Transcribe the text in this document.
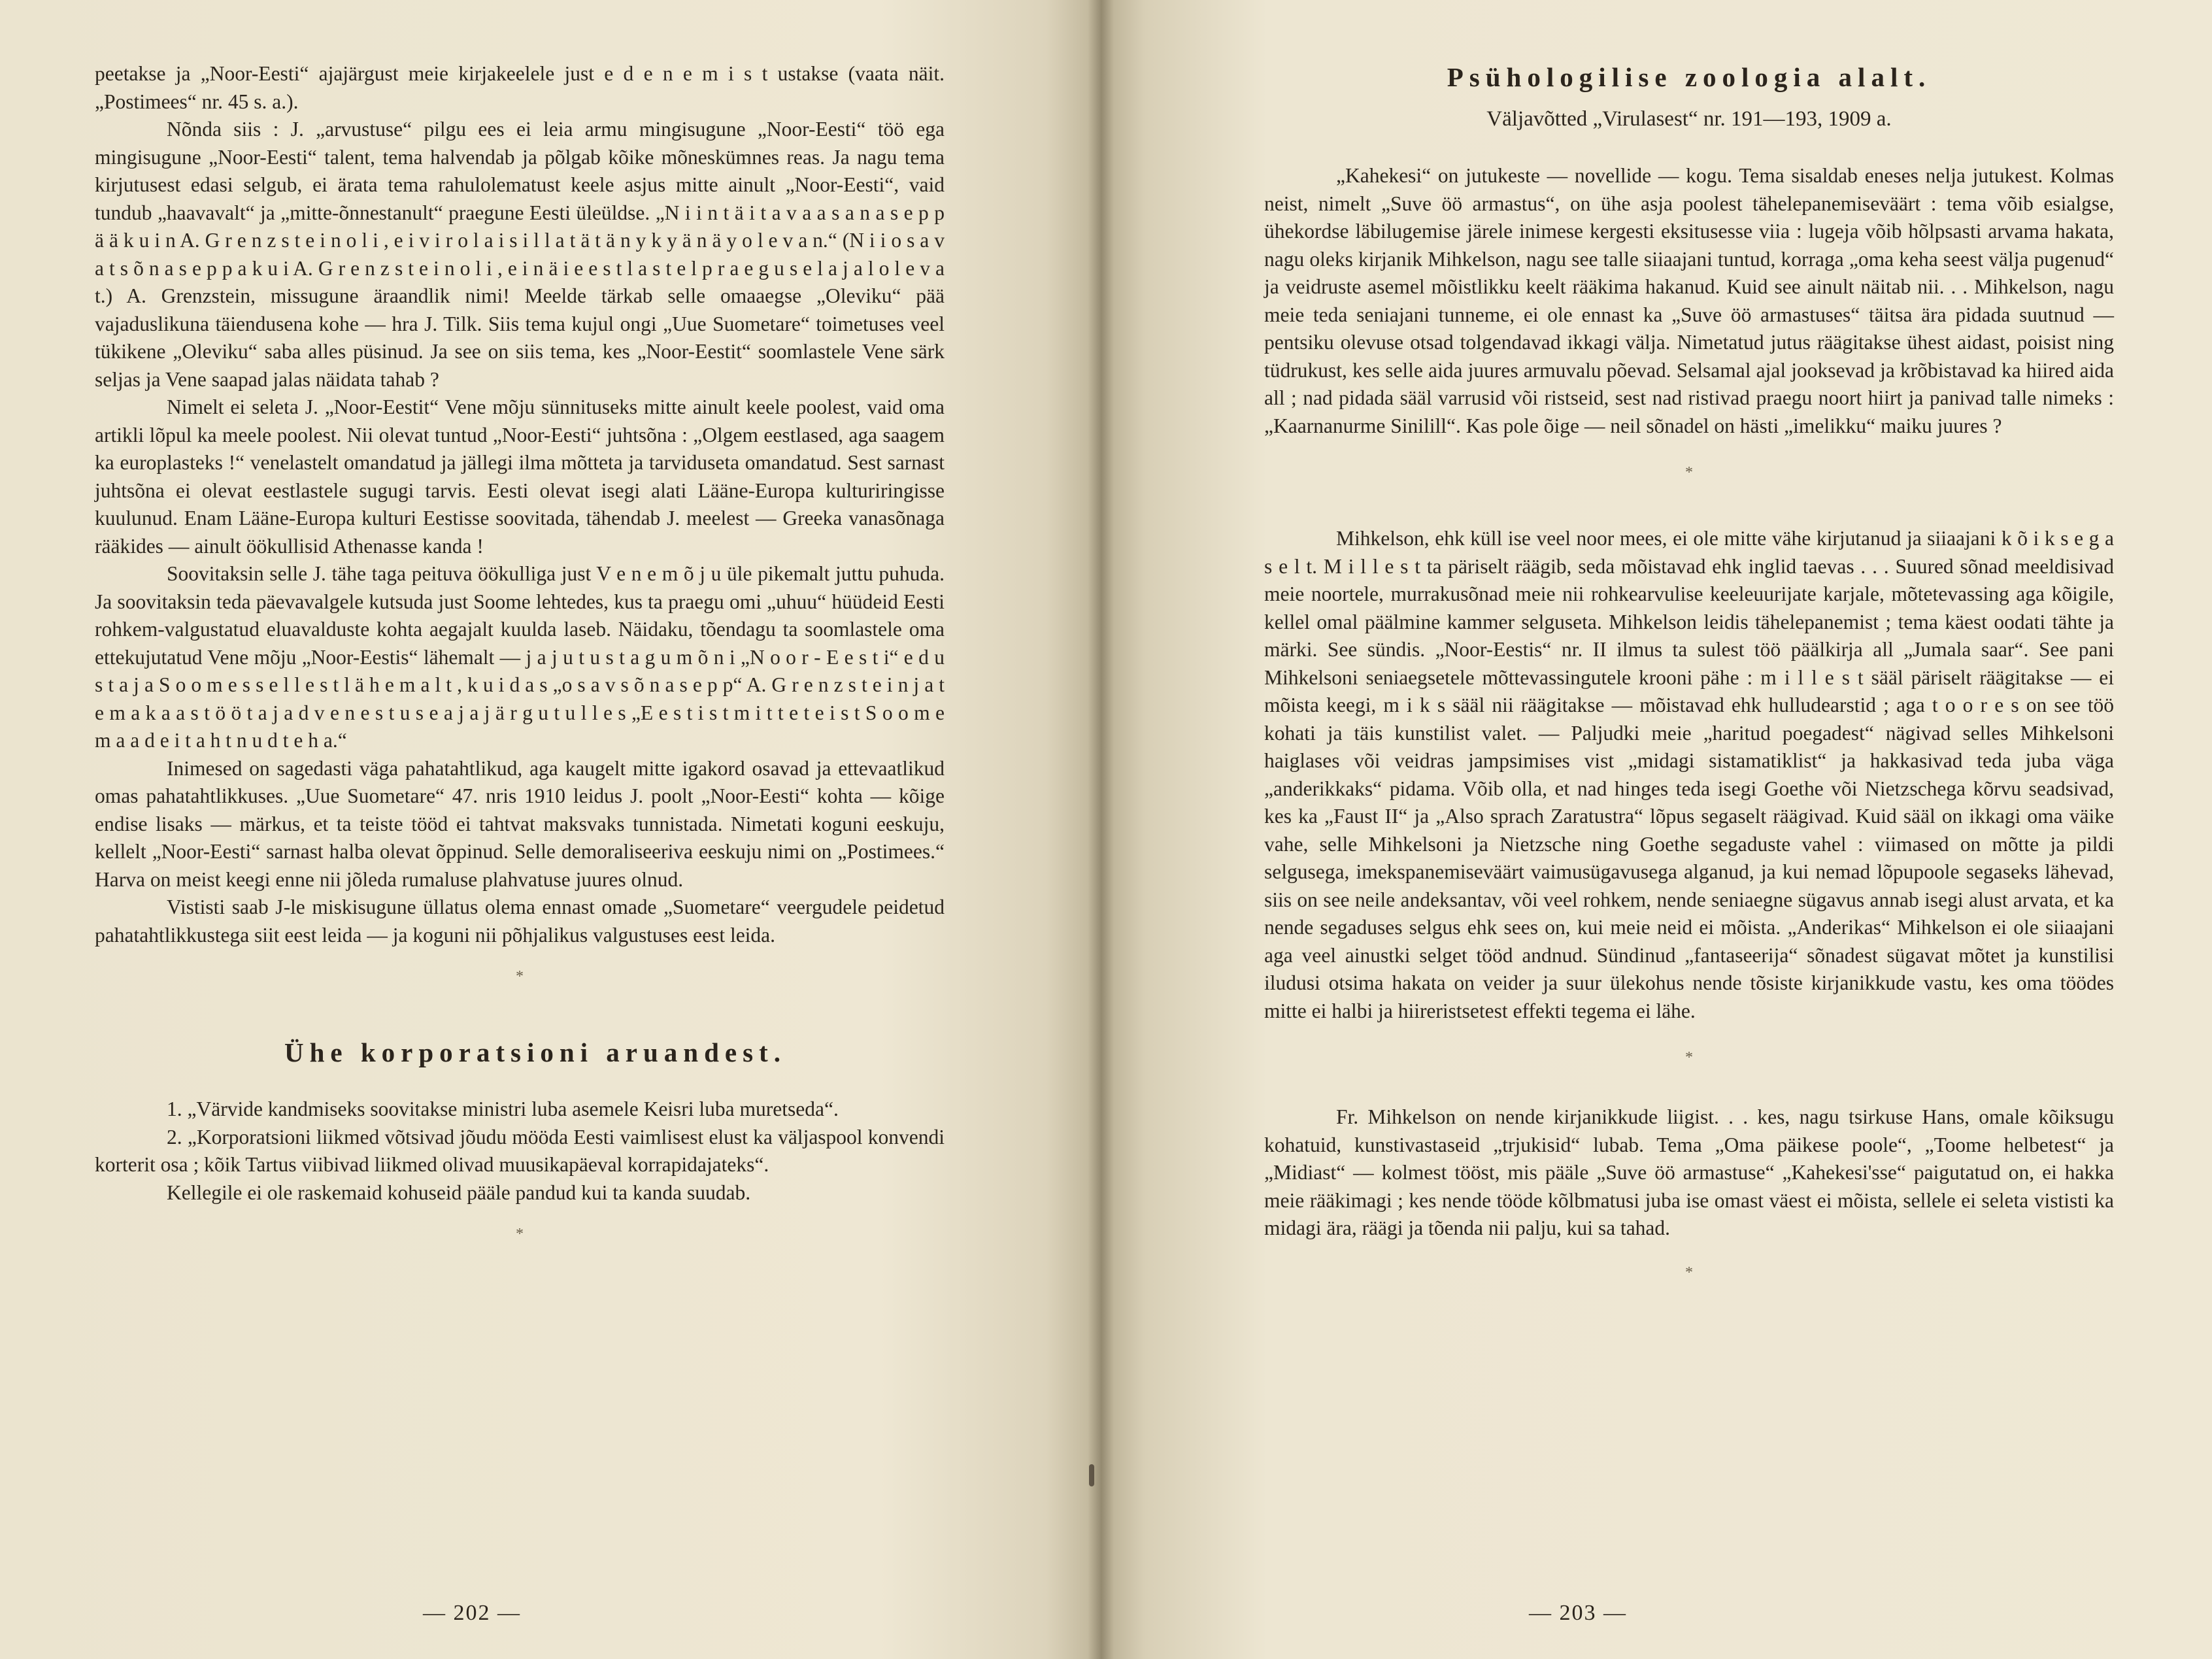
peetakse ja „Noor-Eesti“ ajajärgust meie kirjakeelele just e d e n e m i s t ustakse (vaata näit. „Postimees“ nr. 45 s. a.).

Nõnda siis : J. „arvustuse“ pilgu ees ei leia armu mingisugune „Noor-Eesti“ töö ega mingisugune „Noor-Eesti“ talent, tema halvendab ja põlgab kõike mõneskümnes reas. Ja nagu tema kirjutusest edasi selgub, ei ärata tema rahulolematust keele asjus mitte ainult „Noor-Eesti“, vaid tundub „haavavalt“ ja „mitte-õnnestanult“ praegune Eesti üleüldse. „N i i n t ä i t a v a a s a n a s e p p ä ä k u i n A. G r e n z s t e i n o l i , e i v i r o l a i s i l l a t ä t ä n y k y ä n ä y o l e v a n.“ (N i i o s a v a t s õ n a s e p p a k u i A. G r e n z s t e i n o l i , e i n ä i e e s t l a s t e l p r a e g u s e l a j a l o l e v a t.) A. Grenzstein, missugune äraandlik nimi! Meelde tärkab selle omaaegse „Oleviku“ pää vajaduslikuna täiendusena kohe — hra J. Tilk. Siis tema kujul ongi „Uue Suometare“ toimetuses veel tükikene „Oleviku“ saba alles püsinud. Ja see on siis tema, kes „Noor-Eestit“ soomlastele Vene särk seljas ja Vene saapad jalas näidata tahab ?

Nimelt ei seleta J. „Noor-Eestit“ Vene mõju sünnituseks mitte ainult keele poolest, vaid oma artikli lõpul ka meele poolest. Nii olevat tuntud „Noor-Eesti“ juhtsõna : „Olgem eestlased, aga saagem ka europlasteks !“ venelastelt omandatud ja jällegi ilma mõtteta ja tarviduseta omandatud. Sest sarnast juhtsõna ei olevat eestlastele sugugi tarvis. Eesti olevat isegi alati Lääne-Europa kulturiringisse kuulunud. Enam Lääne-Europa kulturi Eestisse soovitada, tähendab J. meelest — Greeka vanasõnaga rääkides — ainult öökullisid Athenasse kanda !

Soovitaksin selle J. tähe taga peituva öökulliga just V e n e m õ j u üle pikemalt juttu puhuda. Ja soovitaksin teda päevavalgele kutsuda just Soome lehtedes, kus ta praegu omi „uhuu“ hüüdeid Eesti rohkem-valgustatud eluavalduste kohta aegajalt kuulda laseb. Näidaku, tõendagu ta soomlastele oma ettekujutatud Vene mõju „Noor-Eestis“ lähemalt — j a j u t u s t a g u m õ n i „N o o r - E e s t i“ e d u s t a j a S o o m e s s e l l e s t l ä h e m a l t , k u i d a s „o s a v s õ n a s e p p“ A. G r e n z s t e i n j a t e m a k a a s t ö ö t a j a d v e n e s t u s e a j a j ä r g u t u l l e s „E e s t i s t m i t t e t e i s t S o o m e m a a d e i t a h t n u d t e h a.“

Inimesed on sagedasti väga pahatahtlikud, aga kaugelt mitte igakord osavad ja ettevaatlikud omas pahatahtlikkuses. „Uue Suometare“ 47. nris 1910 leidus J. poolt „Noor-Eesti“ kohta — kõige endise lisaks — märkus, et ta teiste tööd ei tahtvat maksvaks tunnistada. Nimetati koguni eeskuju, kellelt „Noor-Eesti“ sarnast halba olevat õppinud. Selle demoraliseeriva eeskuju nimi on „Postimees.“ Harva on meist keegi enne nii jõleda rumaluse plahvatuse juures olnud.

Vististi saab J-le miskisugune üllatus olema ennast omade „Suometare“ veergudele peidetud pahatahtlikkustega siit eest leida — ja koguni nii põhjalikus valgustuses eest leida.

*
Ühe korporatsioni aruandest.

1. „Värvide kandmiseks soovitakse ministri luba asemele Keisri luba muretseda“.

2. „Korporatsioni liikmed võtsivad jõudu mööda Eesti vaimlisest elust ka väljaspool konvendi korterit osa ; kõik Tartus viibivad liikmed olivad muusikapäeval korrapidajateks“.

Kellegile ei ole raskemaid kohuseid pääle pandud kui ta kanda suudab.

*
— 202 —
Psühologilise zoologia alalt.
Väljavõtted „Virulasest“ nr. 191—193, 1909 a.

„Kahekesi“ on jutukeste — novellide — kogu. Tema sisaldab eneses nelja jutukest. Kolmas neist, nimelt „Suve öö armastus“, on ühe asja poolest tähelepanemiseväärt : tema võib esialgse, ühekordse läbilugemise järele inimese kergesti eksitusesse viia : lugeja võib hõlpsasti arvama hakata, nagu oleks kirjanik Mihkelson, nagu see talle siiaajani tuntud, korraga „oma keha seest välja pugenud“ ja veidruste asemel mõistlikku keelt rääkima hakanud. Kuid see ainult näitab nii. . . Mihkelson, nagu meie teda seniajani tunneme, ei ole ennast ka „Suve öö armastuses“ täitsa ära pidada suutnud — pentsiku olevuse otsad tolgendavad ikkagi välja. Nimetatud jutus räägitakse ühest aidast, poisist ning tüdrukust, kes selle aida juures armuvalu põevad. Selsamal ajal jooksevad ja krõbistavad ka hiired aida all ; nad pidada sääl varrusid või ristseid, sest nad ristivad praegu noort hiirt ja panivad talle nimeks : „Kaarnanurme Sinilill“. Kas pole õige — neil sõnadel on hästi „imelikku“ maiku juures ?

*

Mihkelson, ehk küll ise veel noor mees, ei ole mitte vähe kirjutanud ja siiaajani k õ i k s e g a s e l t. M i l l e s t ta päriselt räägib, seda mõistavad ehk inglid taevas . . . Suured sõnad meeldisivad meie noortele, murrakusõnad meie nii rohkearvulise keeleuurijate karjale, mõtetevassing aga kõigile, kellel omal päälmine kammer selguseta. Mihkelson leidis tähelepanemist ; tema käest oodati tähte ja märki. See sündis. „Noor-Eestis“ nr. II ilmus ta sulest töö päälkirja all „Jumala saar“. See pani Mihkelsoni seniaegsetele mõttevassingutele krooni pähe : m i l l e s t sääl päriselt räägitakse — ei mõista keegi, m i k s sääl nii räägitakse — mõistavad ehk hulludearstid ; aga t o o r e s on see töö kohati ja täis kunstilist valet. — Paljudki meie „haritud poegadest“ nägivad selles Mihkelsoni haiglases või veidras jampsimises vist „midagi sistamatiklist“ ja hakkasivad teda juba väga „anderikkaks“ pidama. Võib olla, et nad hinges teda isegi Goethe või Nietzschega kõrvu seadsivad, kes ka „Faust II“ ja „Also sprach Zaratustra“ lõpus segaselt räägivad. Kuid sääl on ikkagi oma väike vahe, selle Mihkelsoni ja Nietzsche ning Goethe segaduste vahel : viimased on mõtte ja pildi selgusega, imekspanemiseväärt vaimusügavusega alganud, ja kui nemad lõpupoole segaseks lähevad, siis on see neile andeksantav, või veel rohkem, nende seniaegne sügavus annab isegi alust arvata, et ka nende segaduses selgus ehk sees on, kui meie neid ei mõista. „Anderikas“ Mihkelson ei ole siiaajani aga veel ainustki selget tööd andnud. Sündinud „fantaseerija“ sõnadest sügavat mõtet ja kunstilisi iludusi otsima hakata on veider ja suur ülekohus nende tõsiste kirjanikkude vastu, kes oma töödes mitte ei halbi ja hiireristsetest effekti tegema ei lähe.

*

Fr. Mihkelson on nende kirjanikkude liigist. . . kes, nagu tsirkuse Hans, omale kõiksugu kohatuid, kunstivastaseid „trjukisid“ lubab. Tema „Oma päikese poole“, „Toome helbetest“ ja „Midiast“ — kolmest tööst, mis pääle „Suve öö armastuse“ „Kahekesi'sse“ paigutatud on, ei hakka meie rääkimagi ; kes nende tööde kõlbmatusi juba ise omast väest ei mõista, sellele ei seleta vististi ka midagi ära, räägi ja tõenda nii palju, kui sa tahad.

*
— 203 —
